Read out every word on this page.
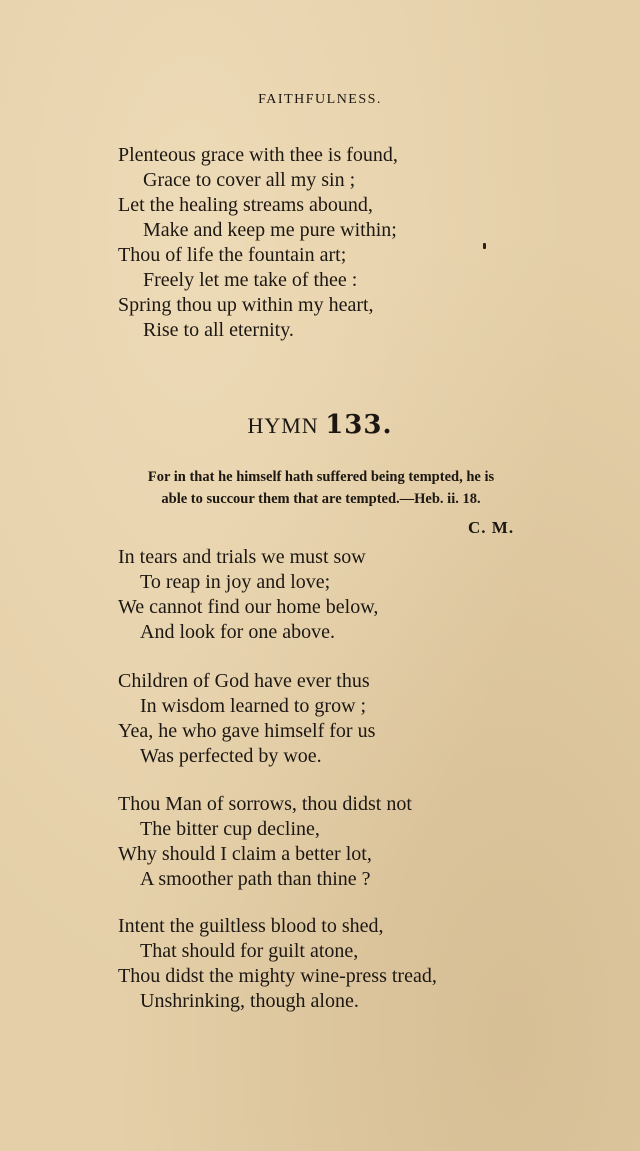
FAITHFULNESS.
Plenteous grace with thee is found,
Grace to cover all my sin ;
Let the healing streams abound,
Make and keep me pure within;
Thou of life the fountain art;
Freely let me take of thee :
Spring thou up within my heart,
Rise to all eternity.
HYMN 133.
For in that he himself hath suffered being tempted, he is
able to succour them that are tempted.—Heb. ii. 18.
C. M.
In tears and trials we must sow
To reap in joy and love;
We cannot find our home below,
And look for one above.
Children of God have ever thus
In wisdom learned to grow ;
Yea, he who gave himself for us
Was perfected by woe.
Thou Man of sorrows, thou didst not
The bitter cup decline,
Why should I claim a better lot,
A smoother path than thine ?
Intent the guiltless blood to shed,
That should for guilt atone,
Thou didst the mighty wine-press tread,
Unshrinking, though alone.
